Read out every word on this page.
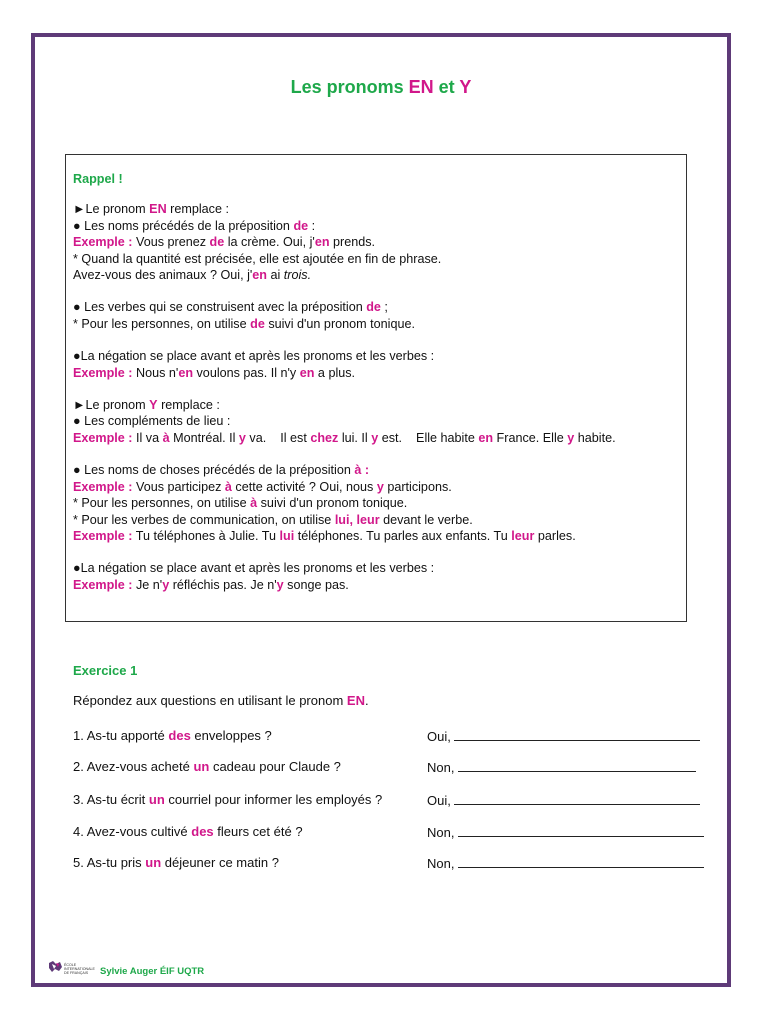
Les pronoms EN et Y
Rappel !
►Le pronom EN remplace :
● Les noms précédés de la préposition de :
Exemple : Vous prenez de la crème. Oui, j'en prends.
* Quand la quantité est précisée, elle est ajoutée en fin de phrase.
Avez-vous des animaux ? Oui, j'en ai trois.
● Les verbes qui se construisent avec la préposition de ;
* Pour les personnes, on utilise de suivi d'un pronom tonique.
●La négation se place avant et après les pronoms et les verbes :
Exemple : Nous n'en voulons pas. Il n'y en a plus.
►Le pronom Y remplace :
● Les compléments de lieu :
Exemple : Il va à Montréal. Il y va.    Il est chez lui. Il y est.    Elle habite en France. Elle y habite.
● Les noms de choses précédés de la préposition à :
Exemple : Vous participez à cette activité ? Oui, nous y participons.
* Pour les personnes, on utilise à suivi d'un pronom tonique.
* Pour les verbes de communication, on utilise lui, leur devant le verbe.
Exemple : Tu téléphones à Julie. Tu lui téléphones. Tu parles aux enfants. Tu leur parles.
●La négation se place avant et après les pronoms et les verbes :
Exemple : Je n'y réfléchis pas. Je n'y songe pas.
Exercice 1
Répondez aux questions en utilisant le pronom EN.
1. As-tu apporté des enveloppes ?	Oui,
2. Avez-vous acheté un cadeau pour Claude ?	Non,
3. As-tu écrit un courriel pour informer les employés ?	Oui,
4. Avez-vous cultivé des fleurs cet été ?	Non,
5. As-tu pris un déjeuner ce matin ?	Non,
ÉCOLE
INTERNATIONALE
DE FRANÇAIS Sylvie Auger ÉIF UQTR
